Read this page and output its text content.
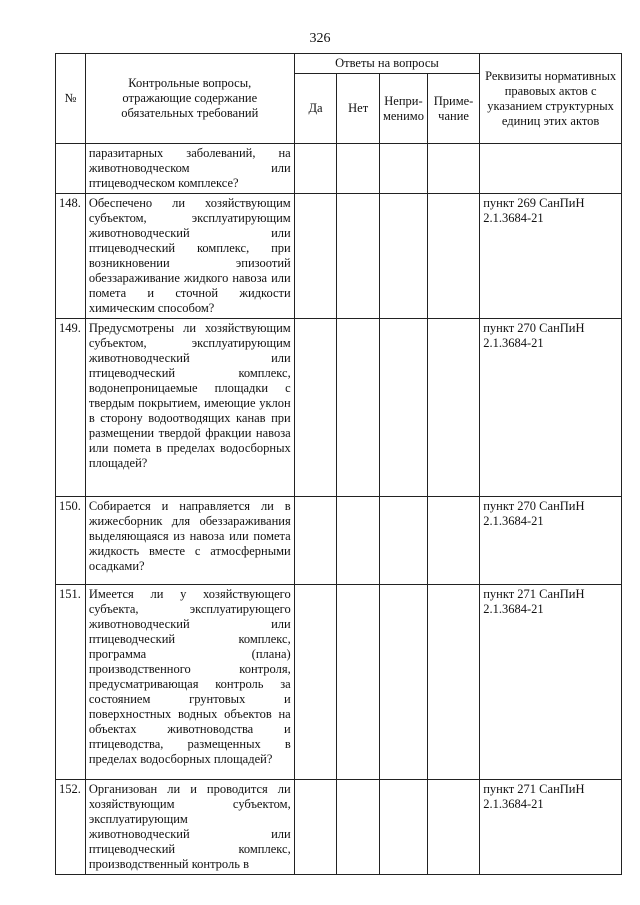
326
№	Контрольные вопросы, отражающие содержание обязательных требований	Ответы на вопросы				Реквизиты нормативных правовых актов с указанием структурных единиц этих актов
		Да	Нет	Непри-менимо	Приме-чание	
	паразитарных заболеваний, на животноводческом или птицеводческом комплексе?					
148.	Обеспечено ли хозяйствующим субъектом, эксплуатирующим животноводческий или птицеводческий комплекс, при возникновении эпизоотий обеззараживание жидкого навоза или помета и сточной жидкости химическим способом?					пункт 269 СанПиН 2.1.3684-21
149.	Предусмотрены ли хозяйствующим субъектом, эксплуатирующим животноводческий или птицеводческий комплекс, водонепроницаемые площадки с твердым покрытием, имеющие уклон в сторону водоотводящих канав при размещении твердой фракции навоза или помета в пределах водосборных площадей?					пункт 270 СанПиН 2.1.3684-21
150.	Собирается и направляется ли в жижесборник для обеззараживания выделяющаяся из навоза или помета жидкость вместе с атмосферными осадками?					пункт 270 СанПиН 2.1.3684-21
151.	Имеется ли у хозяйствующего субъекта, эксплуатирующего животноводческий или птицеводческий комплекс, программа (плана) производственного контроля, предусматривающая контроль за состоянием грунтовых и поверхностных водных объектов на объектах животноводства и птицеводства, размещенных в пределах водосборных площадей?					пункт 271 СанПиН 2.1.3684-21
152.	Организован ли и проводится ли хозяйствующим субъектом, эксплуатирующим животноводческий или птицеводческий комплекс, производственный контроль в					пункт 271 СанПиН 2.1.3684-21
